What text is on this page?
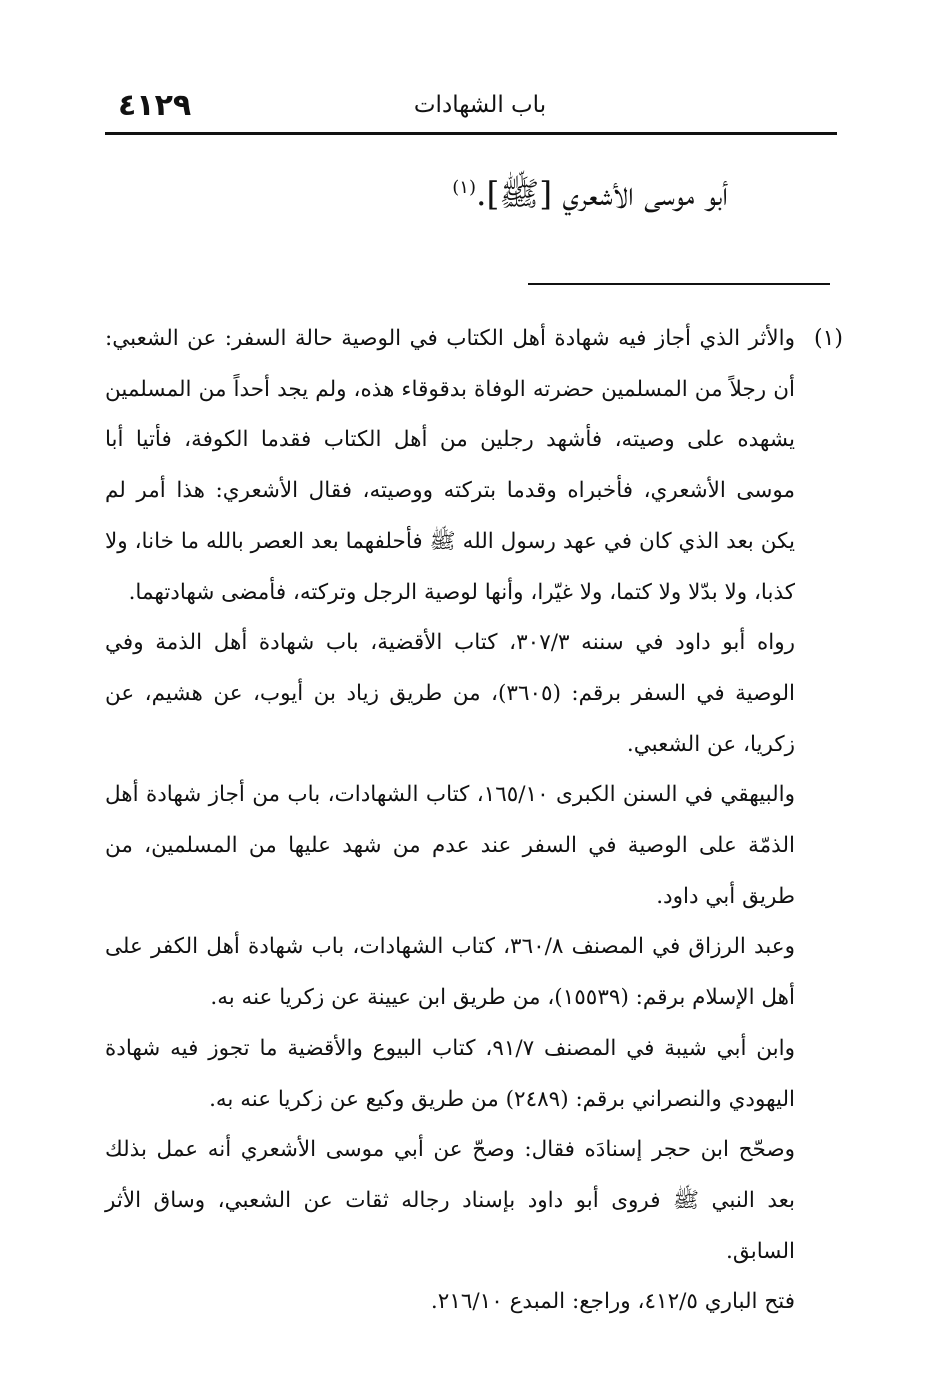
٤١٢٩	باب الشهادات
أبو موسى الأشعري [ﷺ].$^{(١)}$
(١)

والأثر الذي أجاز فيه شهادة أهل الكتاب في الوصية حالة السفر: عن الشعبي: أن رجلاً من المسلمين حضرته الوفاة بدقوقاء هذه، ولم يجد أحداً من المسلمين يشهده على وصيته، فأشهد رجلين من أهل الكتاب فقدما الكوفة، فأتيا أبا موسى الأشعري، فأخبراه وقدما بتركته ووصيته، فقال الأشعري: هذا أمر لم يكن بعد الذي كان في عهد رسول الله ﷺ فأحلفهما بعد العصر بالله ما خانا، ولا كذبا، ولا بدّلا ولا كتما، ولا غيّرا، وأنها لوصية الرجل وتركته، فأمضى شهادتهما.

رواه أبو داود في سننه ٣٠٧/٣، كتاب الأقضية، باب شهادة أهل الذمة وفي الوصية في السفر برقم: (٣٦٠٥)، من طريق زياد بن أيوب، عن هشيم، عن زكريا، عن الشعبي.

والبيهقي في السنن الكبرى ١٦٥/١٠، كتاب الشهادات، باب من أجاز شهادة أهل الذمّة على الوصية في السفر عند عدم من شهد عليها من المسلمين، من طريق أبي داود.

وعبد الرزاق في المصنف ٣٦٠/٨، كتاب الشهادات، باب شهادة أهل الكفر على أهل الإسلام برقم: (١٥٥٣٩)، من طريق ابن عيينة عن زكريا عنه به.

وابن أبي شيبة في المصنف ٩١/٧، كتاب البيوع والأقضية ما تجوز فيه شهادة اليهودي والنصراني برقم: (٢٤٨٩) من طريق وكيع عن زكريا عنه به.

وصحّح ابن حجر إسنادَه فقال: وصحّ عن أبي موسى الأشعري أنه عمل بذلك بعد النبي ﷺ فروى أبو داود بإسناد رجاله ثقات عن الشعبي، وساق الأثر السابق.

فتح الباري ٤١٢/٥، وراجع: المبدع ٢١٦/١٠.
